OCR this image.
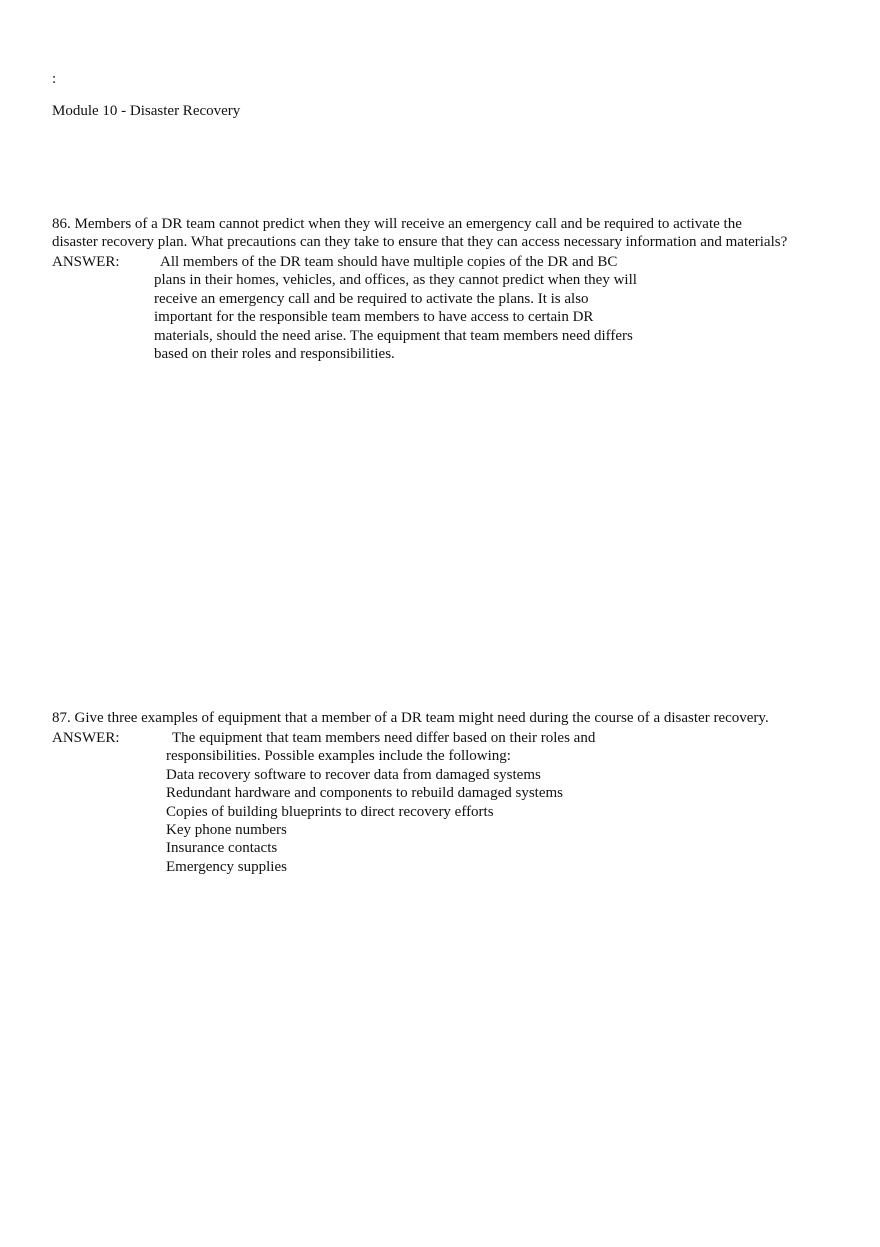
:
Module 10 - Disaster Recovery
86. Members of a DR team cannot predict when they will receive an emergency call and be required to activate the
disaster recovery plan. What precautions can they take to ensure that they can access necessary information and materials?
ANSWER:	All members of the DR team should have multiple copies of the DR and BC
plans in their homes, vehicles, and offices, as they cannot predict when they will
receive an emergency call and be required to activate the plans. It is also
important for the responsible team members to have access to certain DR
materials, should the need arise. The equipment that team members need differs
based on their roles and responsibilities.
87. Give three examples of equipment that a member of a DR team might need during the course of a disaster recovery.
ANSWER:	The equipment that team members need differ based on their roles and
responsibilities. Possible examples include the following:
Data recovery software to recover data from damaged systems
Redundant hardware and components to rebuild damaged systems
Copies of building blueprints to direct recovery efforts
Key phone numbers
Insurance contacts
Emergency supplies
